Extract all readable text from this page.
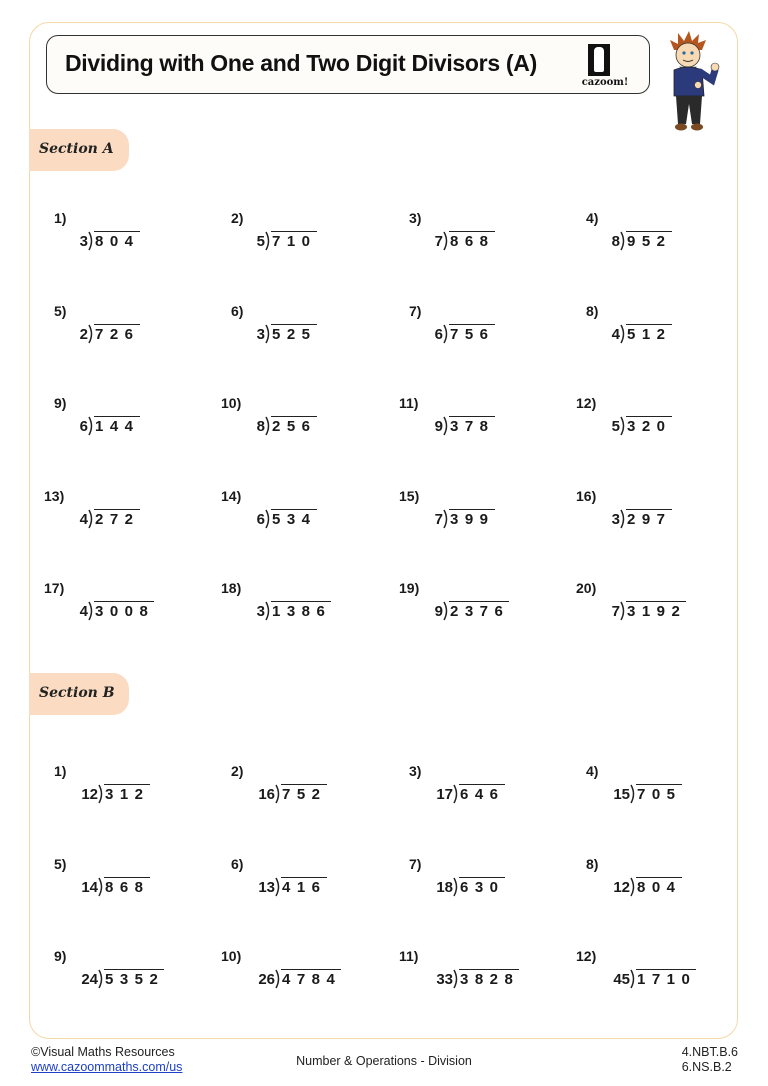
Dividing with One and Two Digit Divisors (A)
cazoom!
Section A
1)
3 804
2)
5 710
3)
7 868
4)
8 952
5)
2 726
6)
3 525
7)
6 756
8)
4 512
9)
6 144
10)
8 256
11)
9 378
12)
5 320
13)
4 272
14)
6 534
15)
7 399
16)
3 297
17)
4 3008
18)
3 1386
19)
9 2376
20)
7 3192
Section B
1)
12 312
2)
16 752
3)
17 646
4)
15 705
5)
14 868
6)
13 416
7)
18 630
8)
12 804
9)
24 5352
10)
26 4784
11)
33 3828
12)
45 1710
©Visual Maths Resources
www.cazoommaths.com/us	Number & Operations - Division
4.NBT.B.6
6.NS.B.2
